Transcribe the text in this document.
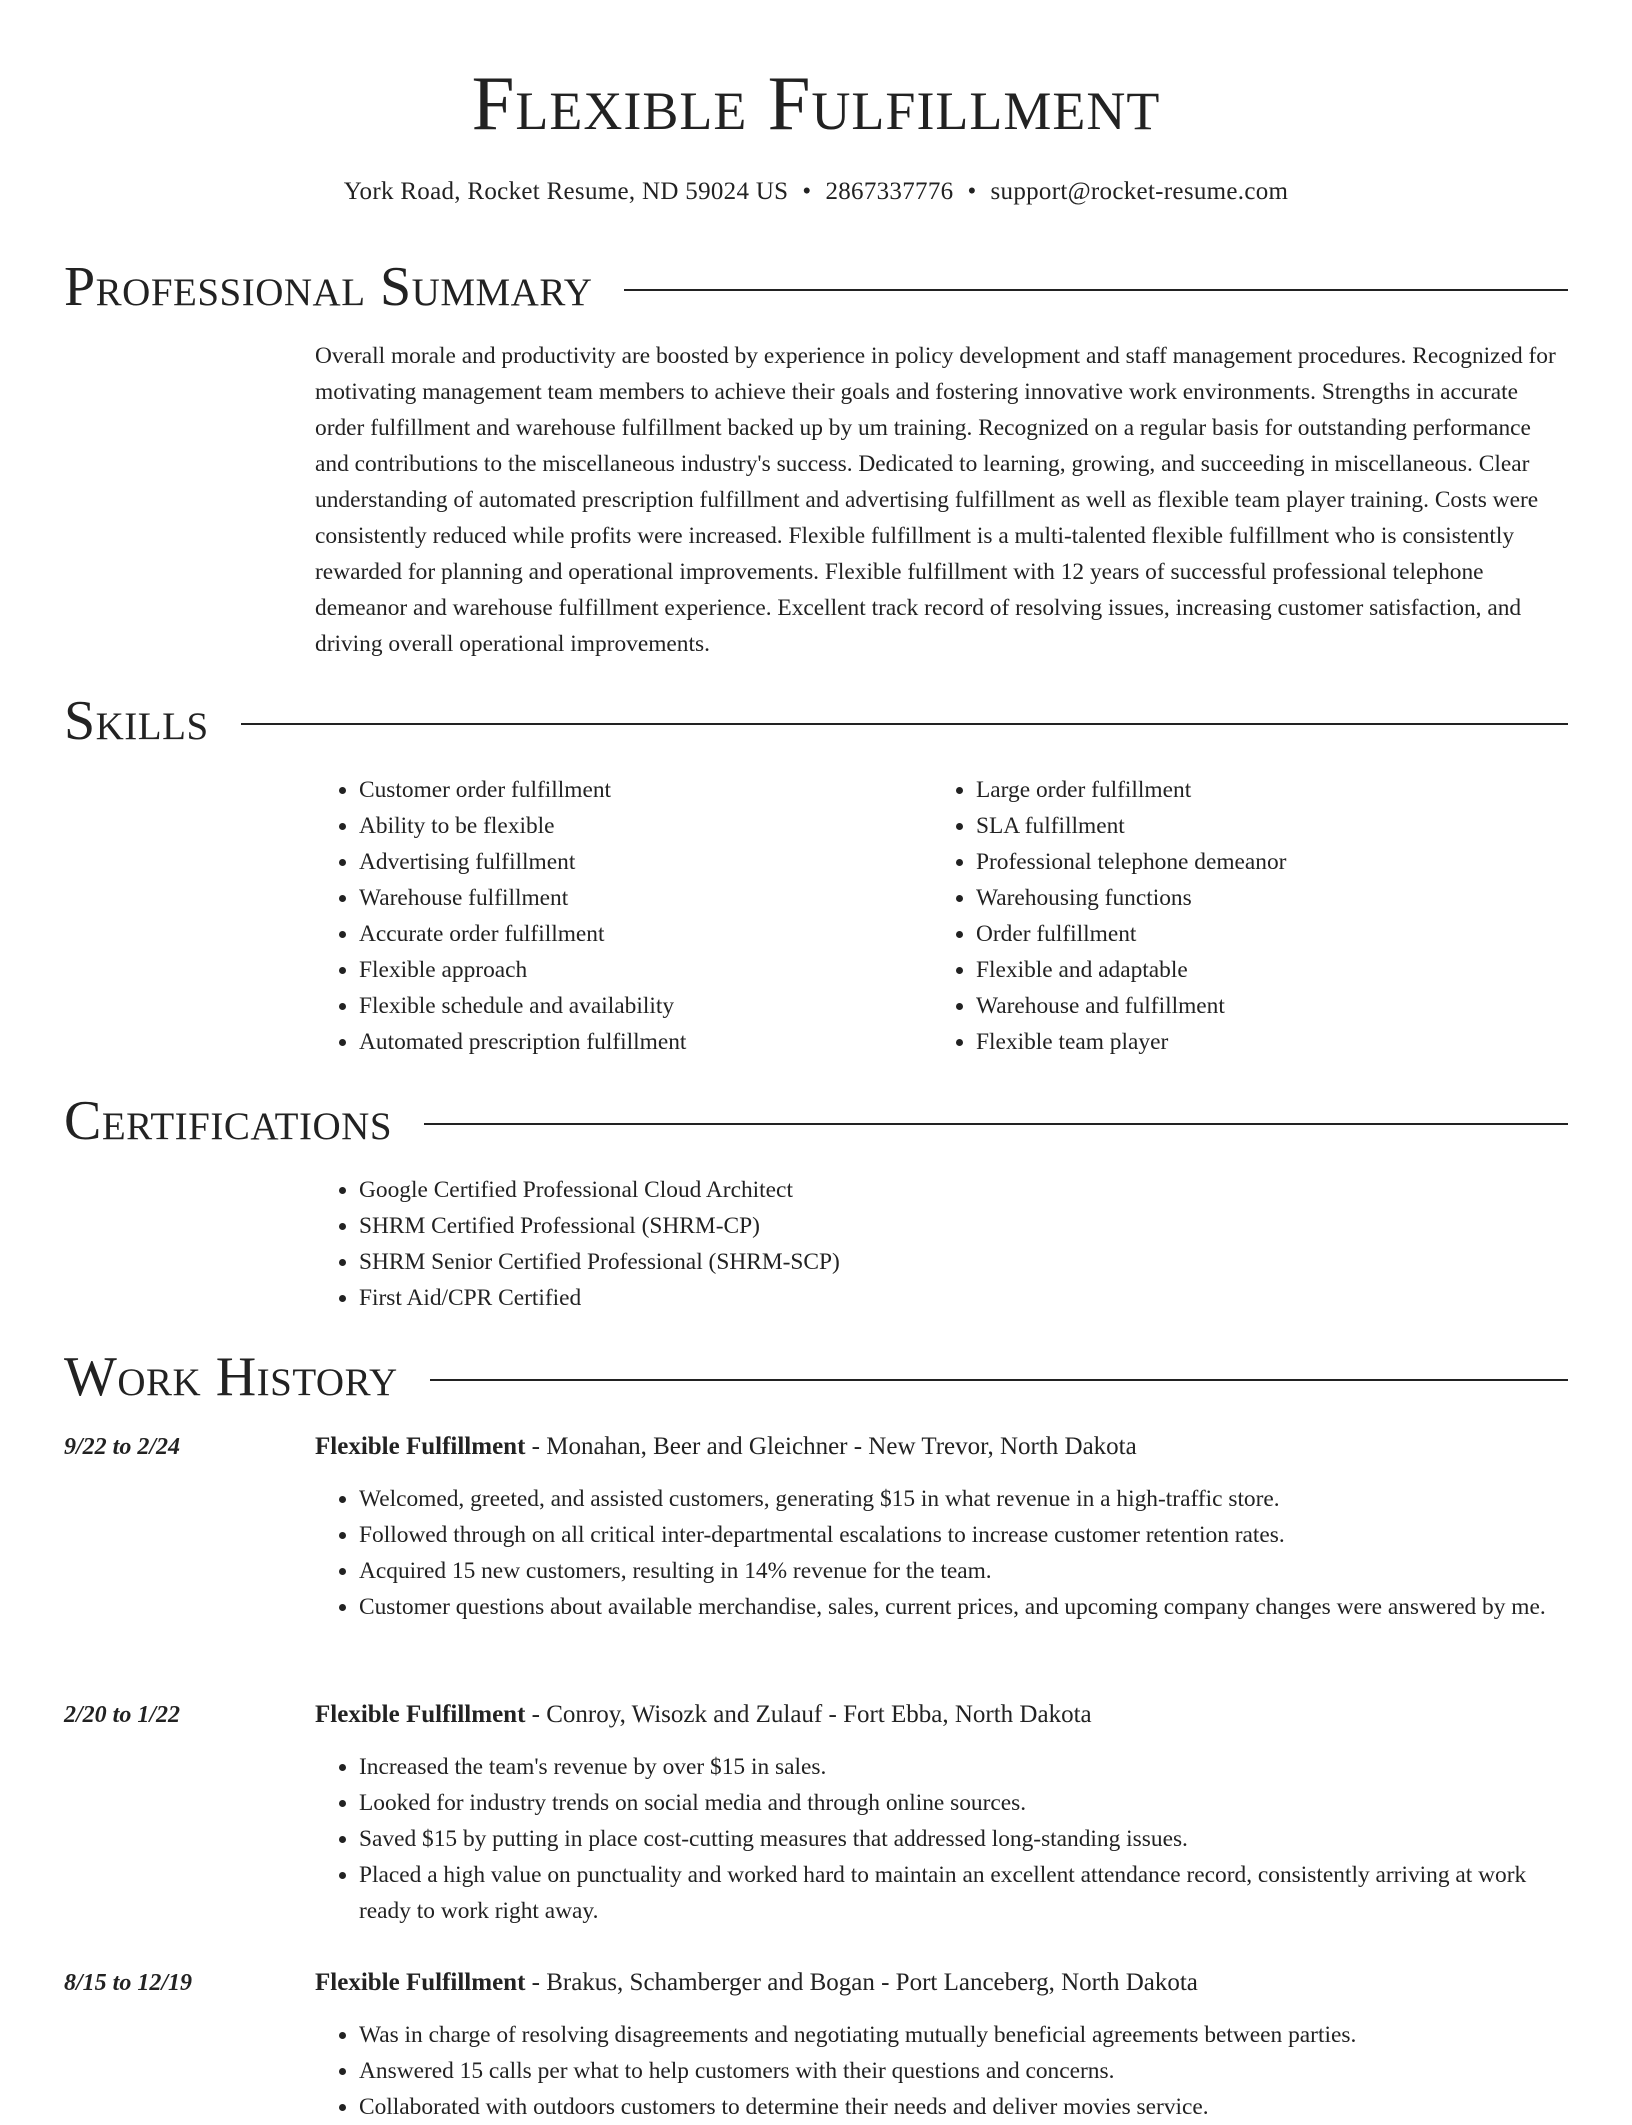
Flexible Fulfillment
York Road, Rocket Resume, ND 59024 US • 2867337776 • support@rocket-resume.com
Professional Summary
Overall morale and productivity are boosted by experience in policy development and staff management procedures. Recognized for motivating management team members to achieve their goals and fostering innovative work environments. Strengths in accurate order fulfillment and warehouse fulfillment backed up by um training. Recognized on a regular basis for outstanding performance and contributions to the miscellaneous industry's success. Dedicated to learning, growing, and succeeding in miscellaneous. Clear understanding of automated prescription fulfillment and advertising fulfillment as well as flexible team player training. Costs were consistently reduced while profits were increased. Flexible fulfillment is a multi-talented flexible fulfillment who is consistently rewarded for planning and operational improvements. Flexible fulfillment with 12 years of successful professional telephone demeanor and warehouse fulfillment experience. Excellent track record of resolving issues, increasing customer satisfaction, and driving overall operational improvements.
Skills
• Customer order fulfillment
• Ability to be flexible
• Advertising fulfillment
• Warehouse fulfillment
• Accurate order fulfillment
• Flexible approach
• Flexible schedule and availability
• Automated prescription fulfillment
• Large order fulfillment
• SLA fulfillment
• Professional telephone demeanor
• Warehousing functions
• Order fulfillment
• Flexible and adaptable
• Warehouse and fulfillment
• Flexible team player
Certifications
• Google Certified Professional Cloud Architect
• SHRM Certified Professional (SHRM-CP)
• SHRM Senior Certified Professional (SHRM-SCP)
• First Aid/CPR Certified
Work History
9/22 to 2/24	Flexible Fulfillment - Monahan, Beer and Gleichner - New Trevor, North Dakota
• Welcomed, greeted, and assisted customers, generating $15 in what revenue in a high-traffic store.
• Followed through on all critical inter-departmental escalations to increase customer retention rates.
• Acquired 15 new customers, resulting in 14% revenue for the team.
• Customer questions about available merchandise, sales, current prices, and upcoming company changes were answered by me.
2/20 to 1/22	Flexible Fulfillment - Conroy, Wisozk and Zulauf - Fort Ebba, North Dakota
• Increased the team's revenue by over $15 in sales.
• Looked for industry trends on social media and through online sources.
• Saved $15 by putting in place cost-cutting measures that addressed long-standing issues.
• Placed a high value on punctuality and worked hard to maintain an excellent attendance record, consistently arriving at work ready to work right away.
8/15 to 12/19	Flexible Fulfillment - Brakus, Schamberger and Bogan - Port Lanceberg, North Dakota
• Was in charge of resolving disagreements and negotiating mutually beneficial agreements between parties.
• Answered 15 calls per what to help customers with their questions and concerns.
• Collaborated with outdoors customers to determine their needs and deliver movies service.
